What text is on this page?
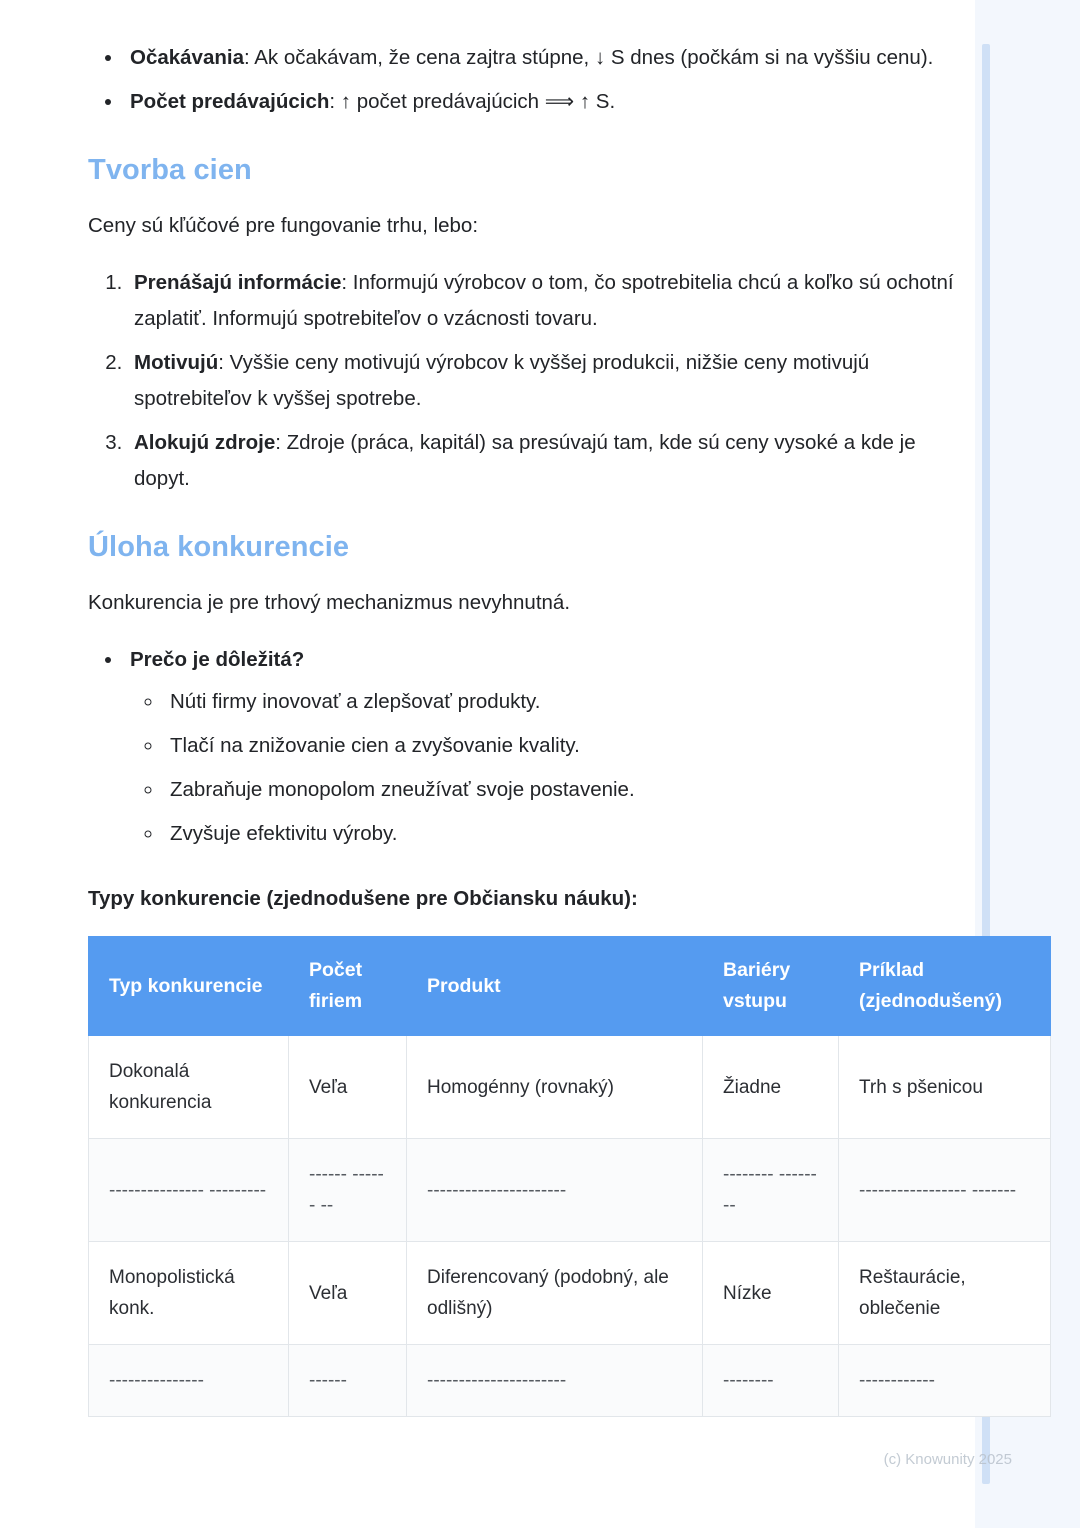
• Očakávania: Ak očakávam, že cena zajtra stúpne, ↓ S dnes (počkám si na vyššiu cenu).
• Počet predávajúcich: ↑ počet predávajúcich ⟹ ↑ S.
Tvorba cien

Ceny sú kľúčové pre fungovanie trhu, lebo:

1. Prenášajú informácie: Informujú výrobcov o tom, čo spotrebitelia chcú a koľko sú ochotní zaplatiť. Informujú spotrebiteľov o vzácnosti tovaru.
2. Motivujú: Vyššie ceny motivujú výrobcov k vyššej produkcii, nižšie ceny motivujú spotrebiteľov k vyššej spotrebe.
3. Alokujú zdroje: Zdroje (práca, kapitál) sa presúvajú tam, kde sú ceny vysoké a kde je dopyt.
Úloha konkurencie

Konkurencia je pre trhový mechanizmus nevyhnutná.

• Prečo je dôležitá?
◦ Núti firmy inovovať a zlepšovať produkty.
◦ Tlačí na znižovanie cien a zvyšovanie kvality.
◦ Zabraňuje monopolom zneužívať svoje postavenie.
◦ Zvyšuje efektivitu výroby.

Typy konkurencie (zjednodušene pre Občiansku náuku):

Typ konkurencie	Počet firiem	Produkt	Bariéry vstupu	Príklad (zjednodušený)
Dokonalá konkurencia	Veľa	Homogénny (rovnaký)	Žiadne	Trh s pšenicou
--------------- ---------	------ ------ --	----------------------	-------- --------	----------------- -------
Monopolistická konk.	Veľa	Diferencovaný (podobný, ale odlišný)	Nízke	Reštaurácie, oblečenie
---------------	------	----------------------	--------	------------
(c) Knowunity 2025
